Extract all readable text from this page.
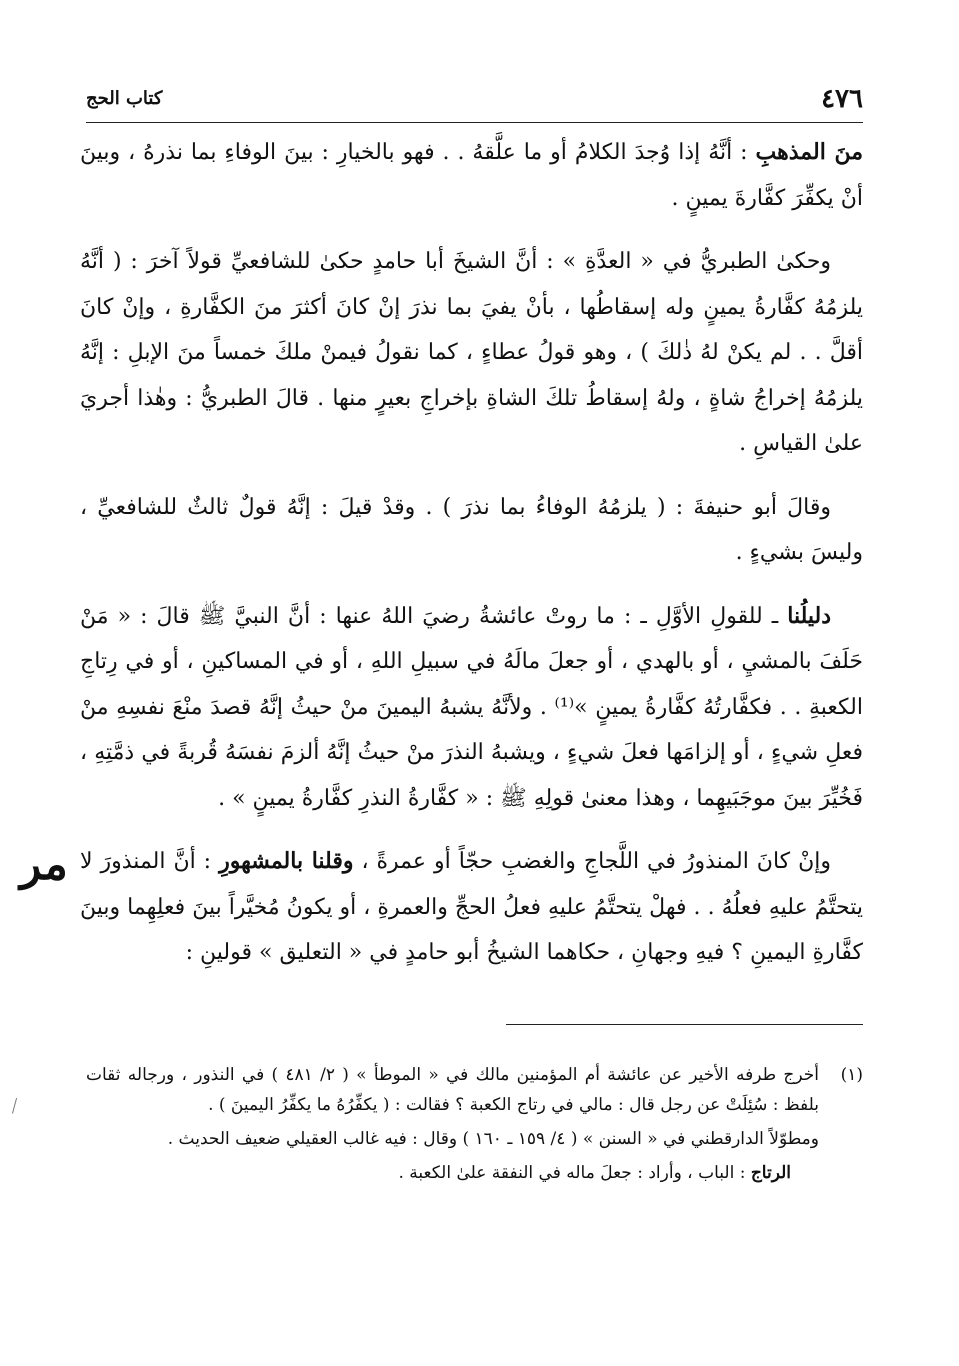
٤٧٦
كتاب الحج

منَ المذهبِ : أنَّهُ إذا وُجدَ الكلامُ أو ما علَّقهُ . . فهو بالخيارِ : بينَ الوفاءِ بما نذرهُ ، وبينَ أنْ يكفِّرَ كفَّارةَ يمينٍ .

وحكىٰ الطبريُّ في « العدَّةِ » : أنَّ الشيخَ أبا حامدٍ حكىٰ للشافعيِّ قولاً آخرَ : ( أنَّهُ يلزمُهُ كفَّارةُ يمينٍ وله إسقاطُها ، بأنْ يفيَ بما نذرَ إنْ كانَ أكثرَ منَ الكفَّارةِ ، وإنْ كانَ أقلَّ . . لم يكنْ لهُ ذٰلكَ ) ، وهو قولُ عطاءٍ ، كما نقولُ فيمنْ ملكَ خمساً منَ الإبلِ : إنَّهُ يلزمُهُ إخراجُ شاةٍ ، ولهُ إسقاطُ تلكَ الشاةِ بإخراجِ بعيرٍ منها . قالَ الطبريُّ : وهٰذا أجريَ علىٰ القياسِ .

وقالَ أبو حنيفةَ : ( يلزمُهُ الوفاءُ بما نذرَ ) . وقدْ قيلَ : إنَّهُ قولٌ ثالثٌ للشافعيِّ ، وليسَ بشيءٍ .

دليلُنا ـ للقولِ الأوَّلِ ـ : ما روتْ عائشةُ رضيَ اللهُ عنها : أنَّ النبيَّ ﷺ قالَ : « مَنْ حَلَفَ بالمشيِ ، أو بالهدي ، أو جعلَ مالَهُ في سبيلِ اللهِ ، أو في المساكينِ ، أو في رِتاجِ الكعبةِ . . فكفَّارتُهُ كفَّارةُ يمينٍ »⁽¹⁾ . ولأنَّهُ يشبهُ اليمينَ منْ حيثُ إنَّهُ قصدَ منْعَ نفسِهِ منْ فعلِ شيءٍ ، أو إلزامَها فعلَ شيءٍ ، ويشبهُ النذرَ منْ حيثُ إنَّهُ ألزمَ نفسَهُ قُربةً في ذمَّتِهِ ، فَخُيِّرَ بينَ موجَبَيهِما ، وهذا معنىٰ قولِهِ ﷺ : « كفَّارةُ النذرِ كفَّارةُ يمينٍ » .

وإنْ كانَ المنذورُ في اللَّجاجِ والغضبِ حجّاً أو عمرةً ، وقلنا بالمشهورِ : أنَّ المنذورَ لا يتحتَّمُ عليهِ فعلُهُ . . فهلْ يتحتَّمُ عليهِ فعلُ الحجِّ والعمرةِ ، أو يكونُ مُخيَّراً بينَ فعلِهِما وبينَ كفَّارةِ اليمينِ ؟ فيهِ وجهانِ ، حكاهما الشيخُ أبو حامدٍ في « التعليق » قولينِ :

مر
(١)

أخرج طرفه الأخير عن عائشة أم المؤمنين مالك في « الموطأ » ( ٢/ ٤٨١ ) في النذور ، ورجاله ثقات بلفظ : سُئِلَتْ عن رجل قال : مالي في رتاج الكعبة ؟ فقالت : ( يكفِّرُهُ ما يكفِّرُ اليمينَ ) .

ومطوّلاً الدارقطني في « السنن » ( ٤/ ١٥٩ ـ ١٦٠ ) وقال : فيه غالب العقيلي ضعيف الحديث .

الرتاج : الباب ، وأراد : جعلَ ماله في النفقة علىٰ الكعبة .
